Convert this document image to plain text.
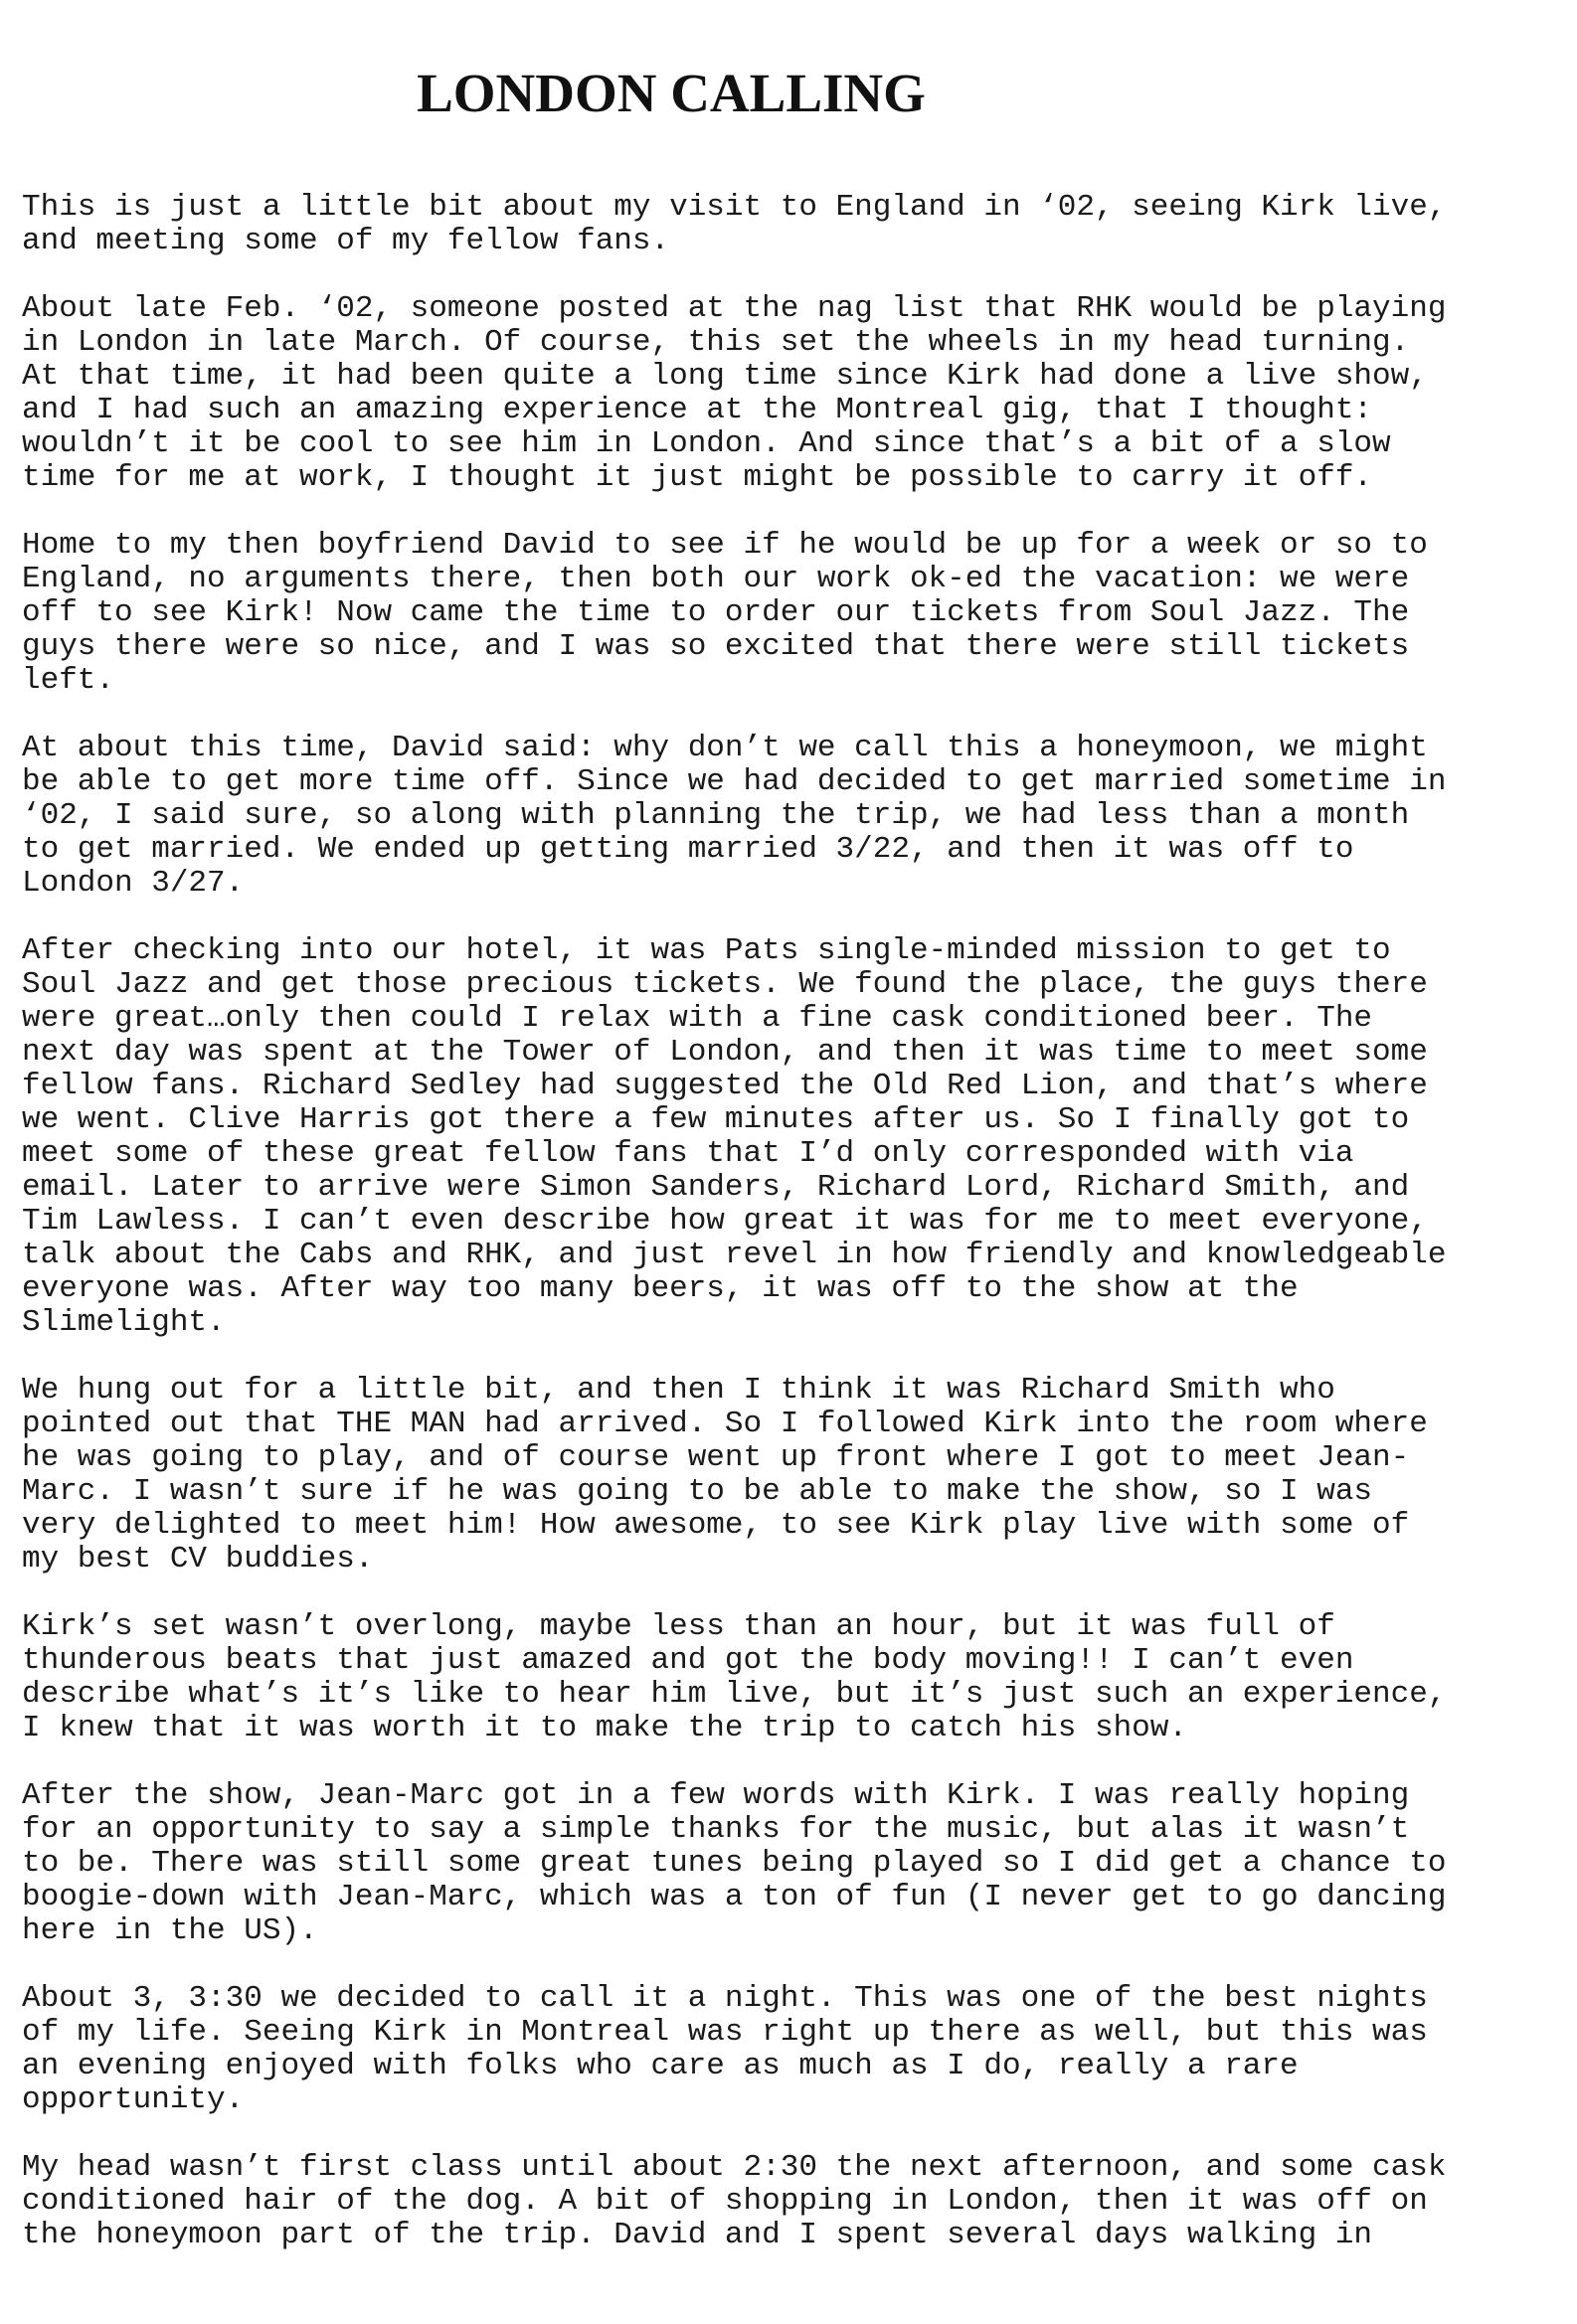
LONDON CALLING
This is just a little bit about my visit to England in ‘02, seeing Kirk live,
and meeting some of my fellow fans.
About late Feb. ‘02, someone posted at the nag list that RHK would be playing
in London in late March. Of course, this set the wheels in my head turning.
At that time, it had been quite a long time since Kirk had done a live show,
and I had such an amazing experience at the Montreal gig, that I thought:
wouldn’t it be cool to see him in London. And since that’s a bit of a slow
time for me at work, I thought it just might be possible to carry it off.
Home to my then boyfriend David to see if he would be up for a week or so to
England, no arguments there, then both our work ok-ed the vacation: we were
off to see Kirk! Now came the time to order our tickets from Soul Jazz. The
guys there were so nice, and I was so excited that there were still tickets
left.
At about this time, David said: why don’t we call this a honeymoon, we might
be able to get more time off. Since we had decided to get married sometime in
‘02, I said sure, so along with planning the trip, we had less than a month
to get married. We ended up getting married 3/22, and then it was off to
London 3/27.
After checking into our hotel, it was Pats single-minded mission to get to
Soul Jazz and get those precious tickets. We found the place, the guys there
were great…only then could I relax with a fine cask conditioned beer. The
next day was spent at the Tower of London, and then it was time to meet some
fellow fans. Richard Sedley had suggested the Old Red Lion, and that’s where
we went. Clive Harris got there a few minutes after us. So I finally got to
meet some of these great fellow fans that I’d only corresponded with via
email. Later to arrive were Simon Sanders, Richard Lord, Richard Smith, and
Tim Lawless. I can’t even describe how great it was for me to meet everyone,
talk about the Cabs and RHK, and just revel in how friendly and knowledgeable
everyone was. After way too many beers, it was off to the show at the
Slimelight.
We hung out for a little bit, and then I think it was Richard Smith who
pointed out that THE MAN had arrived. So I followed Kirk into the room where
he was going to play, and of course went up front where I got to meet Jean-
Marc. I wasn’t sure if he was going to be able to make the show, so I was
very delighted to meet him! How awesome, to see Kirk play live with some of
my best CV buddies.
Kirk’s set wasn’t overlong, maybe less than an hour, but it was full of
thunderous beats that just amazed and got the body moving!! I can’t even
describe what’s it’s like to hear him live, but it’s just such an experience,
I knew that it was worth it to make the trip to catch his show.
After the show, Jean-Marc got in a few words with Kirk. I was really hoping
for an opportunity to say a simple thanks for the music, but alas it wasn’t
to be. There was still some great tunes being played so I did get a chance to
boogie-down with Jean-Marc, which was a ton of fun (I never get to go dancing
here in the US).
About 3, 3:30 we decided to call it a night. This was one of the best nights
of my life. Seeing Kirk in Montreal was right up there as well, but this was
an evening enjoyed with folks who care as much as I do, really a rare
opportunity.
My head wasn’t first class until about 2:30 the next afternoon, and some cask
conditioned hair of the dog. A bit of shopping in London, then it was off on
the honeymoon part of the trip. David and I spent several days walking in
